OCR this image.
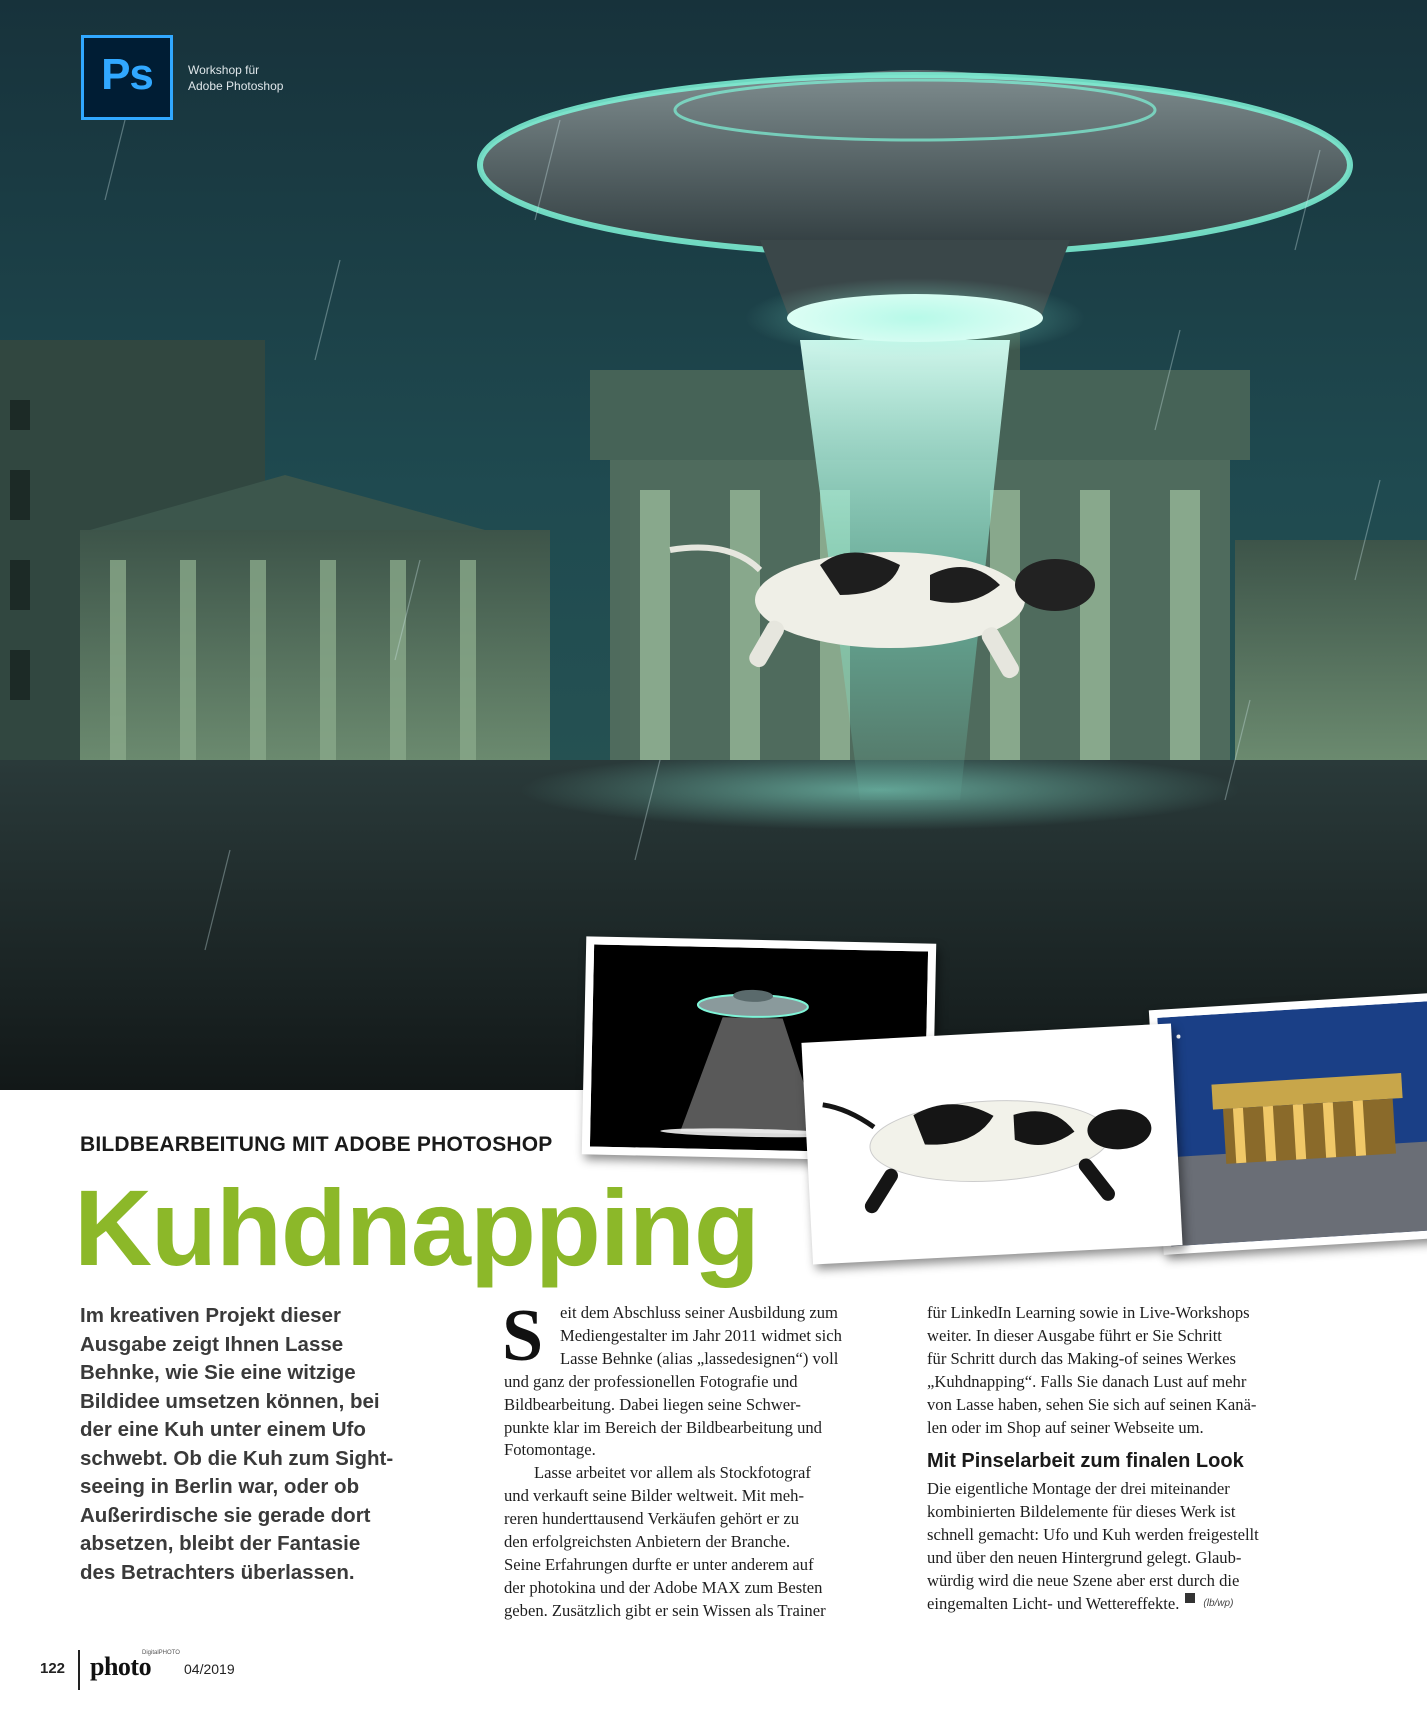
Ps	Workshop für
Adobe Photoshop
BILDBEARBEITUNG MIT ADOBE PHOTOSHOP
Kuhdnapping
Im kreativen Projekt dieser
Ausgabe zeigt Ihnen Lasse
Behnke, wie Sie eine witzige
Bildidee umsetzen können, bei
der eine Kuh unter einem Ufo
schwebt. Ob die Kuh zum Sight-
seeing in Berlin war, oder ob
Außerirdische sie gerade dort
absetzen, bleibt der Fantasie
des Betrachters überlassen.
S eit dem Abschluss seiner Ausbildung zum
Mediengestalter im Jahr 2011 widmet sich
Lasse Behnke (alias „lassedesignen“) voll
und ganz der professionellen Fotografie und
Bildbearbeitung. Dabei liegen seine Schwer-
punkte klar im Bereich der Bildbearbeitung und
Fotomontage.
Lasse arbeitet vor allem als Stockfotograf
und verkauft seine Bilder weltweit. Mit meh-
reren hunderttausend Verkäufen gehört er zu
den erfolgreichsten Anbietern der Branche.
Seine Erfahrungen durfte er unter anderem auf
der photokina und der Adobe MAX zum Besten
geben. Zusätzlich gibt er sein Wissen als Trainer
für LinkedIn Learning sowie in Live-Workshops
weiter. In dieser Ausgabe führt er Sie Schritt
für Schritt durch das Making-of seines Werkes
„Kuhdnapping“. Falls Sie danach Lust auf mehr
von Lasse haben, sehen Sie sich auf seinen Kanä-
len oder im Shop auf seiner Webseite um.
Mit Pinselarbeit zum finalen Look
Die eigentliche Montage der drei miteinander
kombinierten Bildelemente für dieses Werk ist
schnell gemacht: Ufo und Kuh werden freigestellt
und über den neuen Hintergrund gelegt. Glaub-
würdig wird die neue Szene aber erst durch die
eingemalten Licht- und Wettereffekte. (lb/wp)
122
DigitalPHOTO
photo 04/2019
